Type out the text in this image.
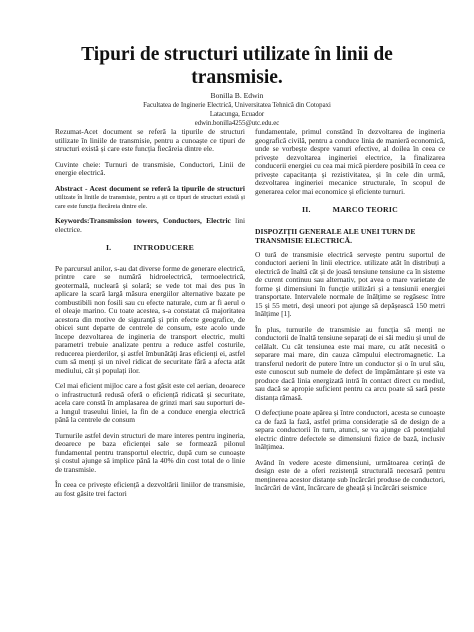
Tipuri de structuri utilizate în linii de transmisie.
Bonilla B. Edwin
Facultatea de Inginerie Electrică, Universitatea Tehnică din Cotopaxi
Latacunga, Ecuador
edwin.bonilla4255@utc.edu.ec

Rezumat-Acet document se referă la tipurile de structuri utilizate în liniile de transmisie, pentru a cunoaște ce tipuri de structuri există și care este funcția fiecăreia dintre ele.

Cuvinte cheie: Turnuri de transmisie, Conductori, Linii de energie electrică.

Abstract - Acest document se referă la tipurile de structuri utilizate în liniile de transmisie, pentru a ști ce tipuri de structuri există și care este funcția fiecăreia dintre ele.

Keywords:Transmission towers, Conductors, Electric lini electrice.

I.	INTRODUCERE

Pe parcursul anilor, s-au dat diverse forme de generare electrică, printre care se numără hidroelectrică, termoelectrică, geotermală, nucleară și solară; se vede tot mai des pus în aplicare la scară largă măsura energiilor alternative bazate pe combustibili non fosili sau cu efecte naturale, cum ar fi aerul o el oleaje marino. Cu toate acestea, s-a constatat că majoritatea acestora din motive de siguranță și prin efecte geografice, de obicei sunt departe de centrele de consum, este acolo unde începe dezvoltarea de ingineria de transport electric, multi parametri trebuie analizate pentru a reduce astfel costurile, reducerea pierderilor, și astfel îmbunătăți ăras eficienți ei, astfel cum să menți și un nivel ridicat de securitate fără a afecta atât mediului, cât și populați ilor.

Cel mai eficient mijloc care a fost găsit este cel aerian, deoarece o infrastructură redusă oferă o eficiență ridicată și securitate, acela care constă în amplasarea de grinzi mari sau suporturi de-a lungul traseului liniei, la fin de a conduce energia electrică până la centrele de consum

Turnurile astfel devin structuri de mare interes pentru ingineria, deoarece pe baza eficienței sale se formează pilonul fundamental pentru transportul electric, după cum se cunoaște și costul ajunge să implice până la 40% din cost total de o linie de transmisie.

În ceea ce privește eficiență a dezvoltării liniilor de transmisie, au fost găsite trei factori

fundamentale, primul constând în dezvoltarea de ingineria geografică civilă, pentru a conduce linia de manieră economică, unde se vorbește despre vanuri efective, al doilea în ceea ce privește dezvoltarea ingineriei electrice, la finalizarea conducerii energiei cu cea mai mică pierdere posibilă în ceea ce privește capacitanța și rezistivitatea, și în cele din urmă, dezvoltarea ingineriei mecanice structurale, în scopul de generarea celor mai economice și eficiente turnuri.

II.	MARCO TEORIC
DISPOZIȚII GENERALE ALE UNEI TURN DE TRANSMISIE ELECTRICĂ.

O tură de transmisie electrică servește pentru suportul de conductori aerieni în linii electrice. utilizate atât în distribuți a electrică de înaltă căt și de joasă tensiune tensiune ca în sisteme de curent continuu sau alternativ, pot avea o mare varietate de forme și dimensiuni în funcție utilizări și a tensiunii energiei transportate. Intervalele normale de înălțime se regăsesc între 15 și 55 metri, deși uneori pot ajunge să depășească 150 metri înălțime [1].

În plus, turnurile de transmisie au funcția să menți ne conductorii de înaltă tensiune separați de ei săi mediu și unul de celălalt. Cu cât tensiunea este mai mare, cu atât necesită o separare mai mare, din cauza câmpului electromagnetic. La transferul nedorit de putere între un conductor și o în urul său, este cunoscut sub numele de defect de împământare și este va produce dacă linia energizată intră în contact direct cu mediul, sau dacă se apropie suficient pentru ca arcu poate să sară peste distanța rămasă.

O defecțiune poate apărea și între conductori, acesta se cunoaște ca de fază la fază, astfel prima considerație să de design de a separa conductorii în turn, atunci, se va ajunge că potențialul electric dintre defectele se dimensiuni fizice de bază, inclusiv înălțimea.

Având în vedere aceste dimensiuni, următoarea cerință de design este de a oferi rezistență structurală necesară pentru menținerea acestor distanțe sub încărcări produse de conductori, încărcări de vânt, încărcare de gheață și încărcări seismice
